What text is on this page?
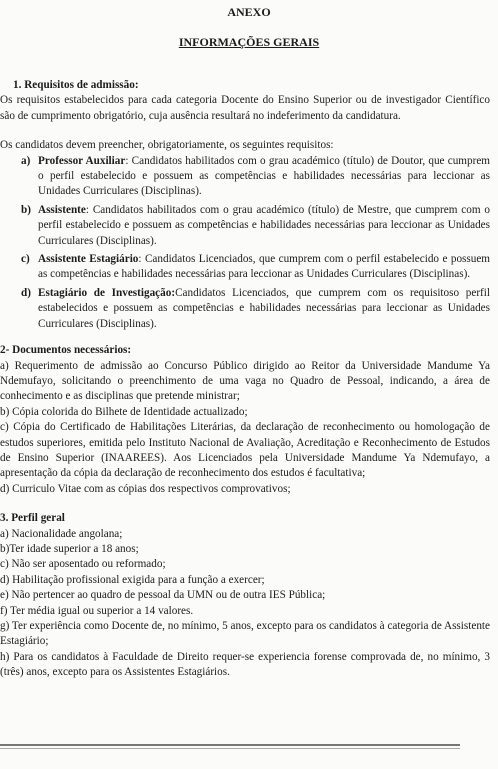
ANEXO
INFORMAÇÕES GERAIS
1. Requisitos de admissão:

Os requisitos estabelecidos para cada categoria Docente do Ensino Superior ou de investigador Científico são de cumprimento obrigatório, cuja ausência resultará no indeferimento da candidatura.

Os candidatos devem preencher, obrigatoriamente, os seguintes requisitos:

a) Professor Auxiliar: Candidatos habilitados com o grau académico (título) de Doutor, que cumprem o perfil estabelecido e possuem as competências e habilidades necessárias para leccionar as Unidades Curriculares (Disciplinas).
b) Assistente: Candidatos habilitados com o grau académico (título) de Mestre, que cumprem com o perfil estabelecido e possuem as competências e habilidades necessárias para leccionar as Unidades Curriculares (Disciplinas).
c) Assistente Estagiário: Candidatos Licenciados, que cumprem com o perfil estabelecido e possuem as competências e habilidades necessárias para leccionar as Unidades Curriculares (Disciplinas).
d) Estagiário de Investigação:Candidatos Licenciados, que cumprem com os requisitoso perfil estabelecidos e possuem as competências e habilidades necessárias para leccionar as Unidades Curriculares (Disciplinas).
2- Documentos necessários:

a) Requerimento de admissão ao Concurso Público dirigido ao Reitor da Universidade Mandume Ya Ndemufayo, solicitando o preenchimento de uma vaga no Quadro de Pessoal, indicando, a área de conhecimento e as disciplinas que pretende ministrar;

b) Cópia colorida do Bilhete de Identidade actualizado;

c) Cópia do Certificado de Habilitações Literárias, da declaração de reconhecimento ou homologação de estudos superiores, emitida pelo Instituto Nacional de Avaliação, Acreditação e Reconhecimento de Estudos de Ensino Superior (INAAREES). Aos Licenciados pela Universidade Mandume Ya Ndemufayo, a apresentação da cópia da declaração de reconhecimento dos estudos é facultativa;

d) Curriculo Vitae com as cópias dos respectivos comprovativos;

3. Perfil geral

a) Nacionalidade angolana;

b)Ter idade superior a 18 anos;

c) Não ser aposentado ou reformado;

d) Habilitação profissional exigida para a função a exercer;

e) Não pertencer ao quadro de pessoal da UMN ou de outra IES Pública;

f) Ter média igual ou superior a 14 valores.

g) Ter experiência como Docente de, no mínimo, 5 anos, excepto para os candidatos à categoria de Assistente Estagiário;

h) Para os candidatos à Faculdade de Direito requer-se experiencia forense comprovada de, no mínimo, 3 (três) anos, excepto para os Assistentes Estagiários.
